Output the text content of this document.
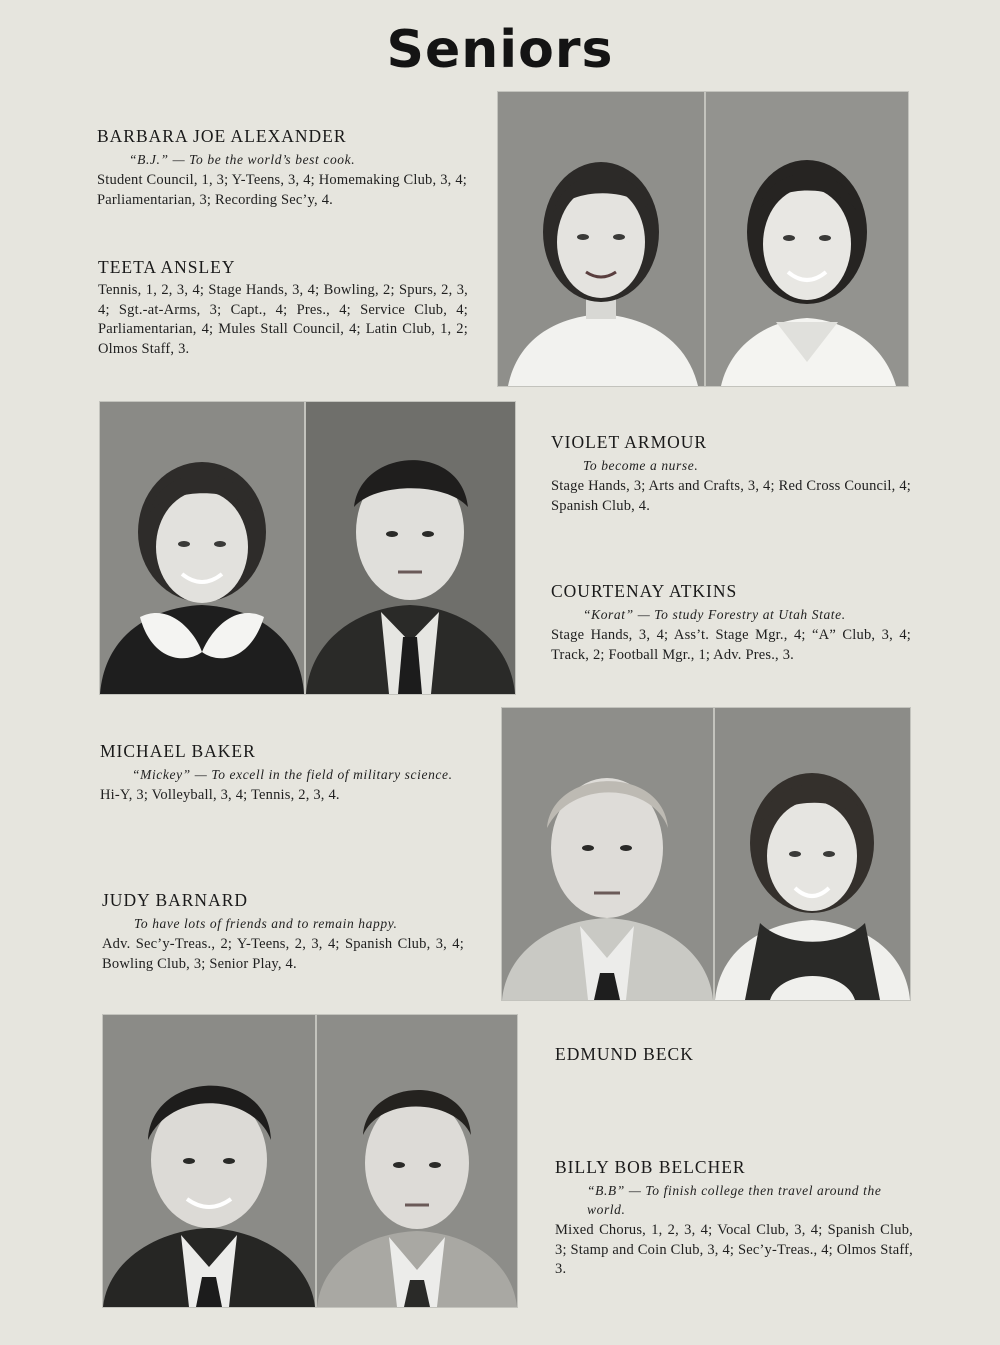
Seniors
BARBARA JOE ALEXANDER
“B.J.” — To be the world’s best cook.
Student Council, 1, 3; Y-Teens, 3, 4; Homemaking Club, 3, 4; Parliamentarian, 3; Recording Sec’y, 4.
TEETA ANSLEY
Tennis, 1, 2, 3, 4; Stage Hands, 3, 4; Bowling, 2; Spurs, 2, 3, 4; Sgt.-at-Arms, 3; Capt., 4; Pres., 4; Service Club, 4; Parliamentarian, 4; Mules Stall Council, 4; Latin Club, 1, 2; Olmos Staff, 3.
VIOLET ARMOUR
To become a nurse.
Stage Hands, 3; Arts and Crafts, 3, 4; Red Cross Council, 4; Spanish Club, 4.
COURTENAY ATKINS
“Korat” — To study Forestry at Utah State.
Stage Hands, 3, 4; Ass’t. Stage Mgr., 4; “A” Club, 3, 4; Track, 2; Football Mgr., 1; Adv. Pres., 3.
MICHAEL BAKER
“Mickey” — To excell in the field of military science.
Hi-Y, 3; Volleyball, 3, 4; Tennis, 2, 3, 4.
JUDY BARNARD
To have lots of friends and to remain happy.
Adv. Sec’y-Treas., 2; Y-Teens, 2, 3, 4; Spanish Club, 3, 4; Bowling Club, 3; Senior Play, 4.
EDMUND BECK
BILLY BOB BELCHER
“B.B” — To finish college then travel around the world.
Mixed Chorus, 1, 2, 3, 4; Vocal Club, 3, 4; Spanish Club, 3; Stamp and Coin Club, 3, 4; Sec’y-Treas., 4; Olmos Staff, 3.
